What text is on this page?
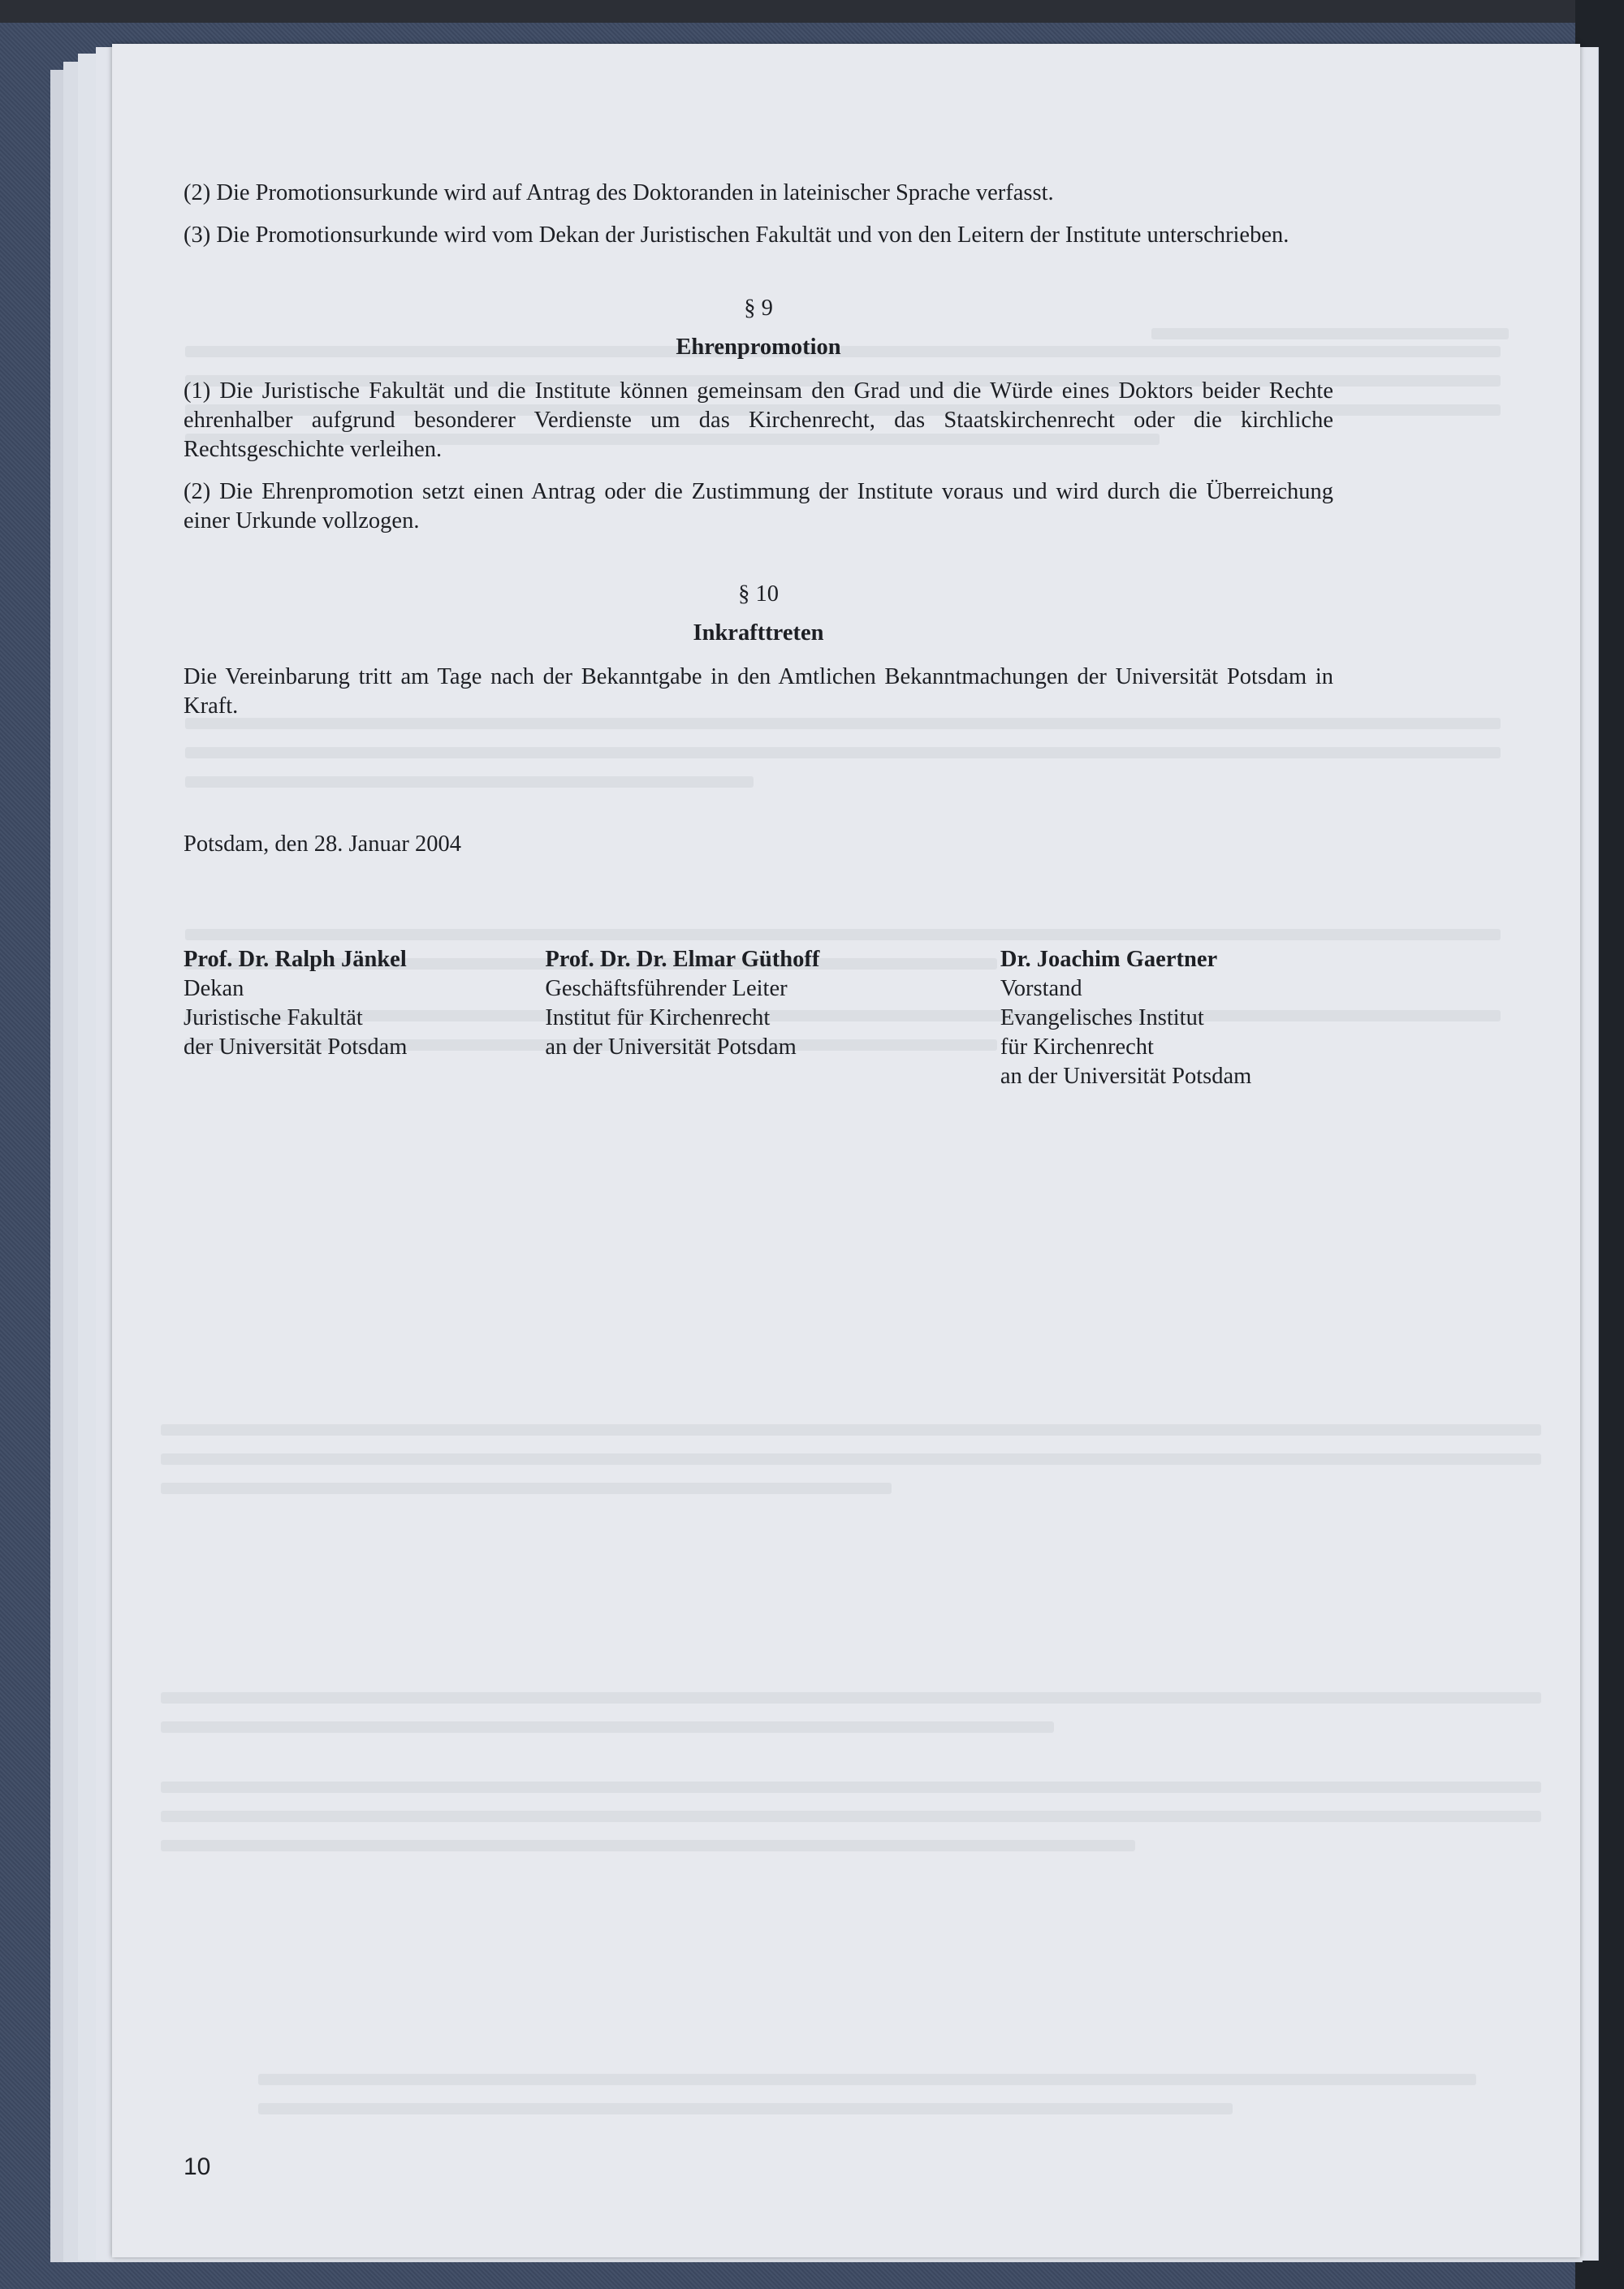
(2) Die Promotionsurkunde wird auf Antrag des Doktoranden in lateinischer Sprache verfasst.

(3) Die Promotionsurkunde wird vom Dekan der Juristischen Fakultät und von den Leitern der Institute unterschrieben.

§ 9

Ehrenpromotion

(1) Die Juristische Fakultät und die Institute können gemeinsam den Grad und die Würde eines Doktors beider Rechte ehrenhalber aufgrund besonderer Verdienste um das Kirchenrecht, das Staatskirchenrecht oder die kirchliche Rechtsgeschichte verleihen.

(2) Die Ehrenpromotion setzt einen Antrag oder die Zustimmung der Institute voraus und wird durch die Überreichung einer Urkunde vollzogen.

§ 10

Inkrafttreten

Die Vereinbarung tritt am Tage nach der Bekanntgabe in den Amtlichen Bekanntmachungen der Universität Potsdam in Kraft.

Potsdam, den 28. Januar 2004

Prof. Dr. Ralph Jänkel
Dekan
Juristische Fakultät
der Universität Potsdam
Prof. Dr. Dr. Elmar Güthoff
Geschäftsführender Leiter
Institut für Kirchenrecht
an der Universität Potsdam
Dr. Joachim Gaertner
Vorstand
Evangelisches Institut
für Kirchenrecht
an der Universität Potsdam
10
